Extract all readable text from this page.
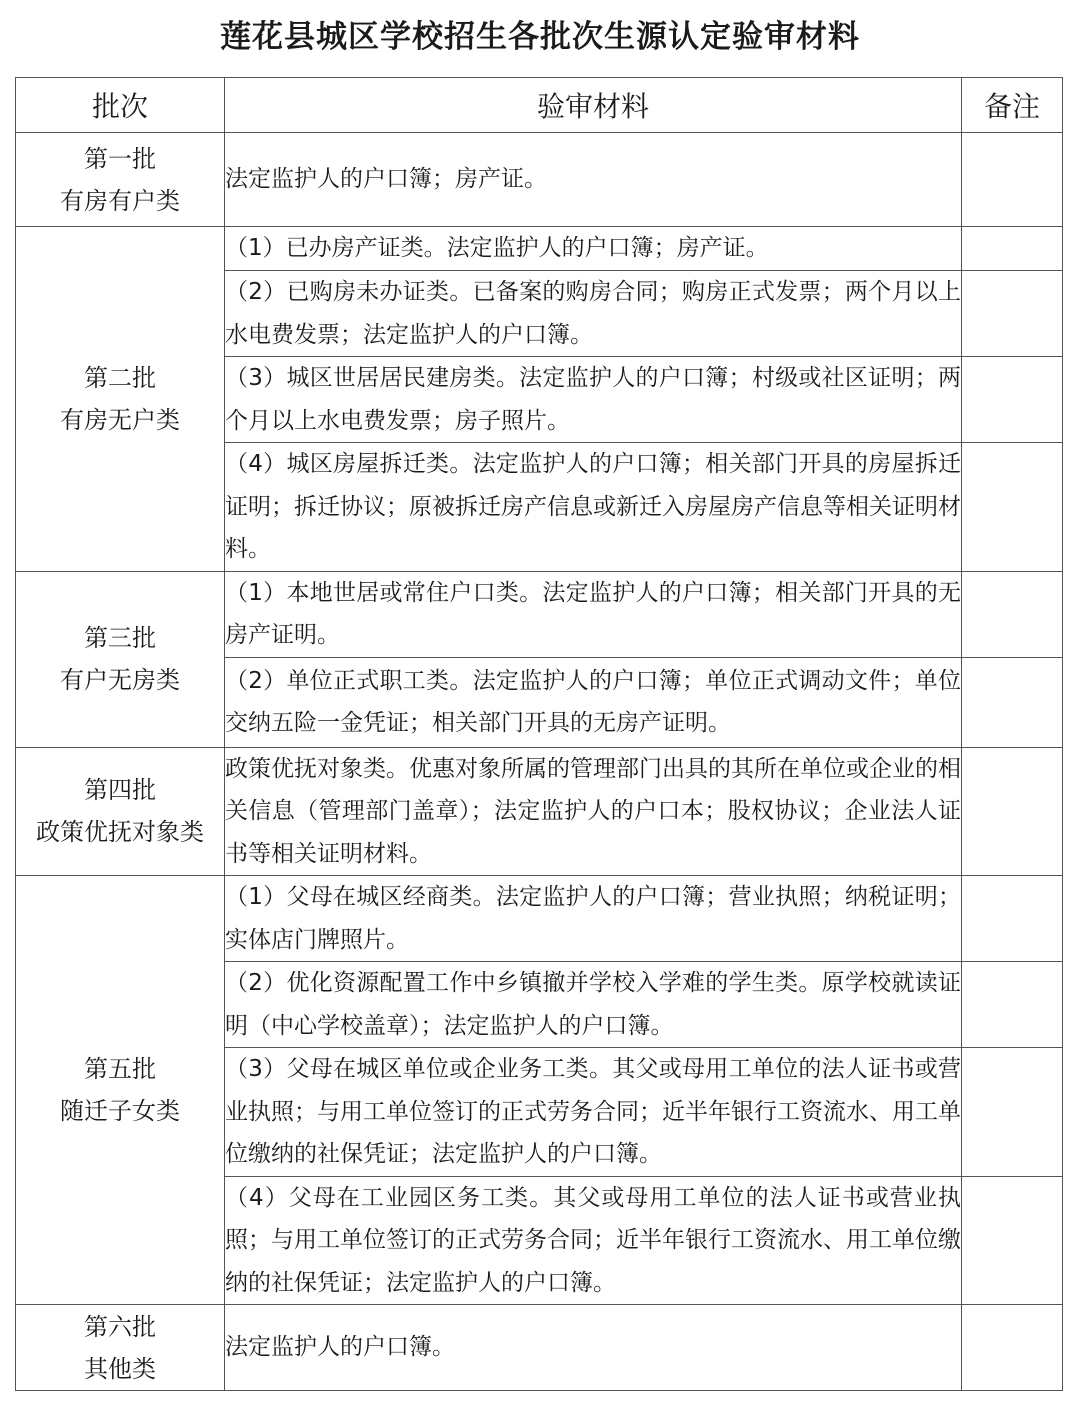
莲花县城区学校招生各批次生源认定验审材料
批次	验审材料	备注

第一批
有房有户类	法定监护人的户口簿；房产证。	

第二批
有房无户类	（1）已办房产证类。法定监护人的户口簿；房产证。	
	（2）已购房未办证类。已备案的购房合同；购房正式发票；两个月以上水电费发票；法定监护人的户口簿。	
	（3）城区世居居民建房类。法定监护人的户口簿；村级或社区证明；两个月以上水电费发票；房子照片。	
	（4）城区房屋拆迁类。法定监护人的户口簿；相关部门开具的房屋拆迁证明；拆迁协议；原被拆迁房产信息或新迁入房屋房产信息等相关证明材料。	

第三批
有户无房类	（1）本地世居或常住户口类。法定监护人的户口簿；相关部门开具的无房产证明。	
	（2）单位正式职工类。法定监护人的户口簿；单位正式调动文件；单位交纳五险一金凭证；相关部门开具的无房产证明。	

第四批
政策优抚对象类	政策优抚对象类。优惠对象所属的管理部门出具的其所在单位或企业的相关信息（管理部门盖章）；法定监护人的户口本；股权协议；企业法人证书等相关证明材料。	

第五批
随迁子女类	（1）父母在城区经商类。法定监护人的户口簿；营业执照；纳税证明；实体店门牌照片。	
	（2）优化资源配置工作中乡镇撤并学校入学难的学生类。原学校就读证明（中心学校盖章）；法定监护人的户口簿。	
	（3）父母在城区单位或企业务工类。其父或母用工单位的法人证书或营业执照；与用工单位签订的正式劳务合同；近半年银行工资流水、用工单位缴纳的社保凭证；法定监护人的户口簿。	
	（4）父母在工业园区务工类。其父或母用工单位的法人证书或营业执照；与用工单位签订的正式劳务合同；近半年银行工资流水、用工单位缴纳的社保凭证；法定监护人的户口簿。	

第六批
其他类	法定监护人的户口簿。	
